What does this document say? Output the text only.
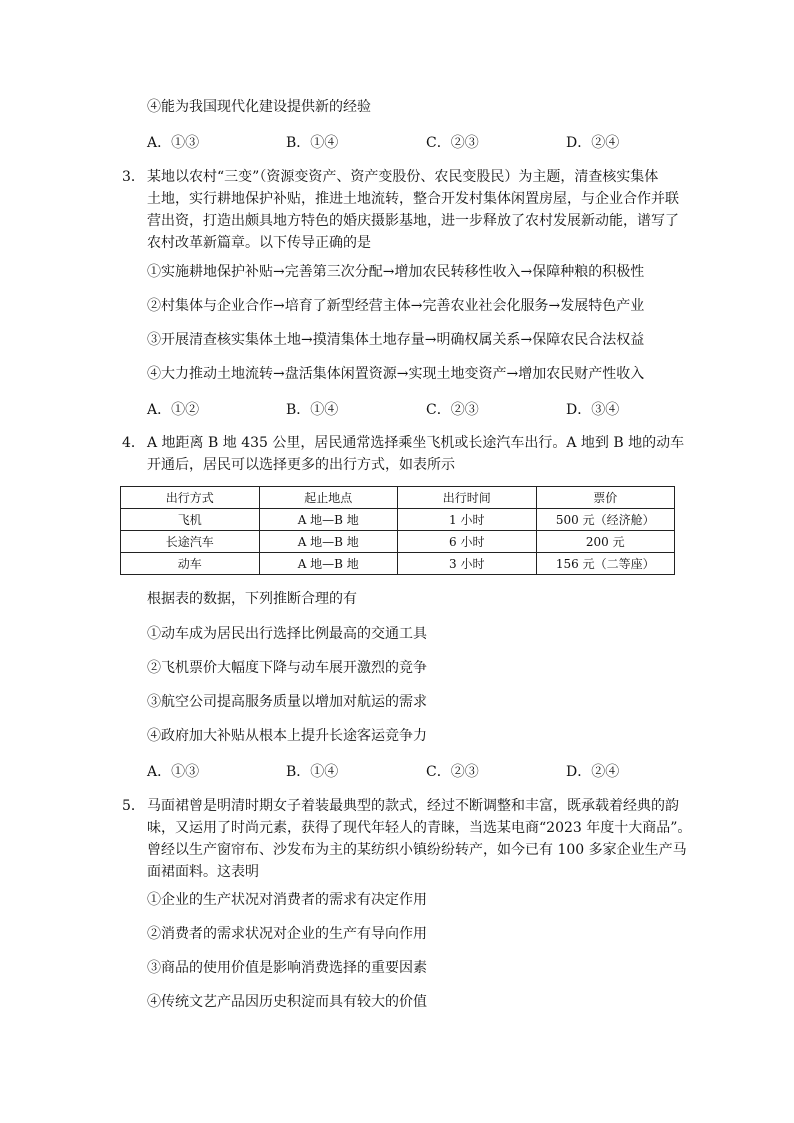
④能为我国现代化建设提供新的经验
A．①③	B．①④	C．②③	D．②④
3． 某地以农村“三变”（资源变资产、资产变股份、农民变股民）为主题，清查核实集体
土地，实行耕地保护补贴，推进土地流转，整合开发村集体闲置房屋，与企业合作并联
营出资，打造出颇具地方特色的婚庆摄影基地，进一步释放了农村发展新动能，谱写了
农村改革新篇章。以下传导正确的是
①实施耕地保护补贴→完善第三次分配→增加农民转移性收入→保障种粮的积极性
②村集体与企业合作→培育了新型经营主体→完善农业社会化服务→发展特色产业
③开展清查核实集体土地→摸清集体土地存量→明确权属关系→保障农民合法权益
④大力推动土地流转→盘活集体闲置资源→实现土地变资产→增加农民财产性收入
A．①②	B．①④	C．②③	D．③④
4． A 地距离 B 地 435 公里，居民通常选择乘坐飞机或长途汽车出行。A 地到 B 地的动车
开通后，居民可以选择更多的出行方式，如表所示
出行方式	起止地点	出行时间	票价
飞机	A 地—B 地	1 小时	500 元（经济舱）
长途汽车	A 地—B 地	6 小时	200 元
动车	A 地—B 地	3 小时	156 元（二等座）
根据表的数据，下列推断合理的有
①动车成为居民出行选择比例最高的交通工具
②飞机票价大幅度下降与动车展开激烈的竞争
③航空公司提高服务质量以增加对航运的需求
④政府加大补贴从根本上提升长途客运竞争力
A．①③	B．①④	C．②③	D．②④
5． 马面裙曾是明清时期女子着装最典型的款式，经过不断调整和丰富，既承载着经典的韵
味，又运用了时尚元素，获得了现代年轻人的青睐，当选某电商“2023 年度十大商品”。
曾经以生产窗帘布、沙发布为主的某纺织小镇纷纷转产，如今已有 100 多家企业生产马
面裙面料。这表明
①企业的生产状况对消费者的需求有决定作用
②消费者的需求状况对企业的生产有导向作用
③商品的使用价值是影响消费选择的重要因素
④传统文艺产品因历史积淀而具有较大的价值
